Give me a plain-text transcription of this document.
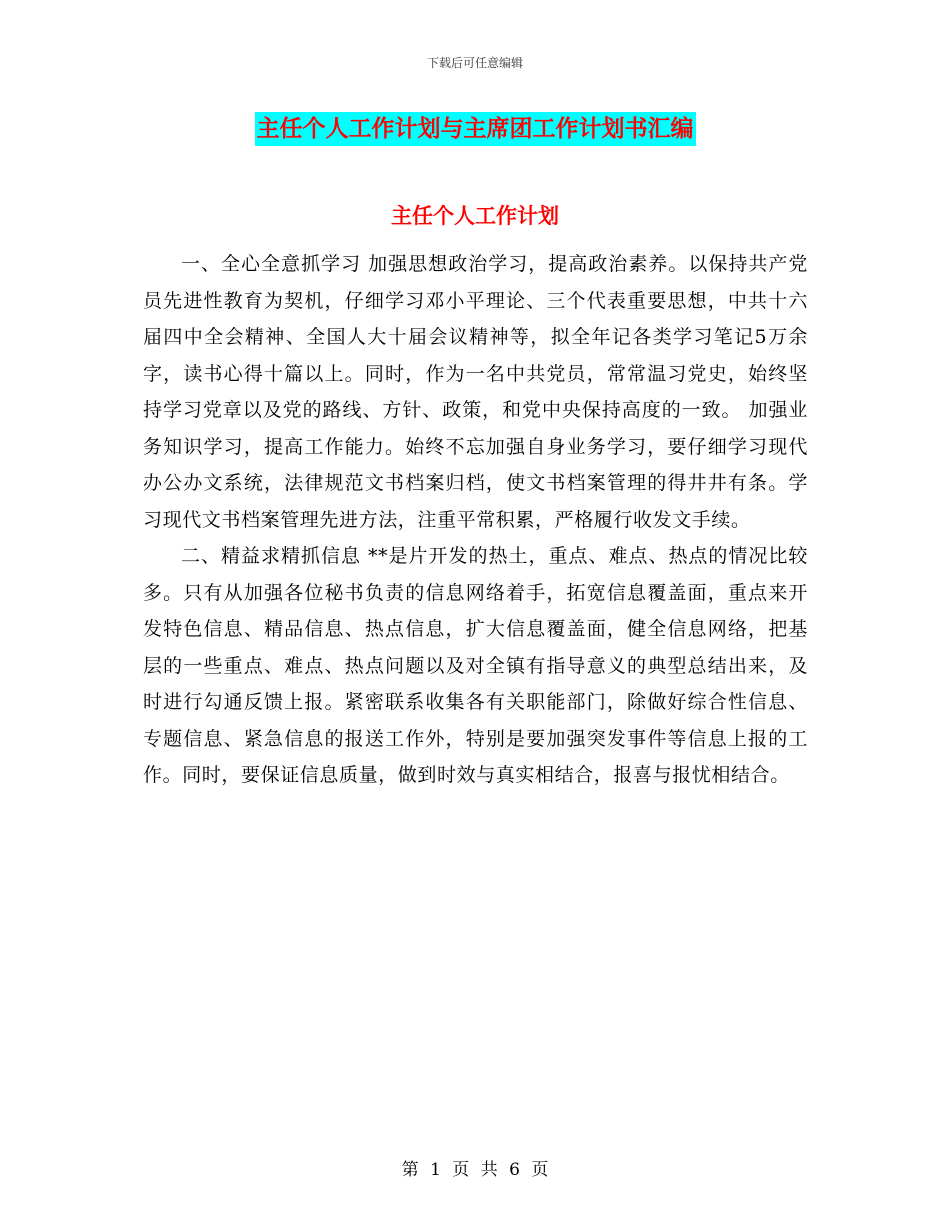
下载后可任意编辑
主任个人工作计划与主席团工作计划书汇编
主任个人工作计划

一、全心全意抓学习 加强思想政治学习，提高政治素养。以保持共产党员先进性教育为契机，仔细学习邓小平理论、三个代表重要思想，中共十六届四中全会精神、全国人大十届会议精神等，拟全年记各类学习笔记5万余字，读书心得十篇以上。同时，作为一名中共党员，常常温习党史，始终坚持学习党章以及党的路线、方针、政策，和党中央保持高度的一致。 加强业务知识学习，提高工作能力。始终不忘加强自身业务学习，要仔细学习现代办公办文系统，法律规范文书档案归档，使文书档案管理的得井井有条。学习现代文书档案管理先进方法，注重平常积累，严格履行收发文手续。

二、精益求精抓信息 **是片开发的热土，重点、难点、热点的情况比较多。只有从加强各位秘书负责的信息网络着手，拓宽信息覆盖面，重点来开发特色信息、精品信息、热点信息，扩大信息覆盖面，健全信息网络，把基层的一些重点、难点、热点问题以及对全镇有指导意义的典型总结出来，及时进行勾通反馈上报。紧密联系收集各有关职能部门，除做好综合性信息、专题信息、紧急信息的报送工作外，特别是要加强突发事件等信息上报的工作。同时，要保证信息质量，做到时效与真实相结合，报喜与报忧相结合。

第 1 页 共 6 页
